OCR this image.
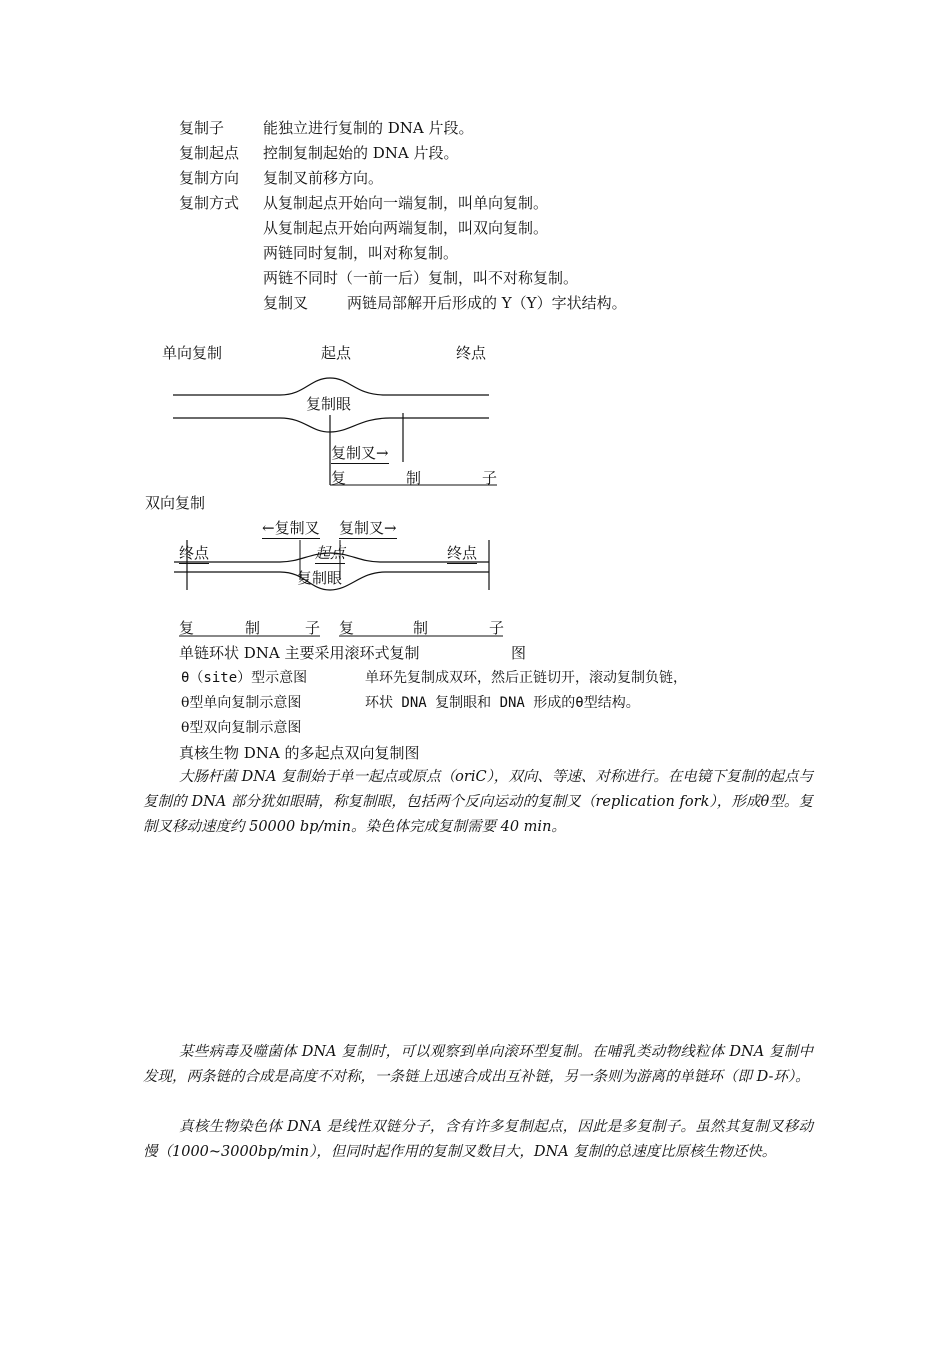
复制子	能独立进行复制的 DNA 片段。
复制起点 控制复制起始的 DNA 片段。
复制方向 复制叉前移方向。
复制方式 从复制起点开始向一端复制，叫单向复制。
从复制起点开始向两端复制，叫双向复制。
两链同时复制，叫对称复制。
两链不同时（一前一后）复制，叫不对称复制。
复制叉	两链局部解开后形成的 Y（Y）字状结构。
单向复制	起点	终点
复制眼
复制叉→
复	制	子
双向复制
←复制叉 复制叉→
终点	起点	终点
复制眼
复	制	子 复	制	子
单链环状 DNA 主要采用滚环式复制	图
θ（site）型示意图	单环先复制成双环，然后正链切开，滚动复制负链，
θ型单向复制示意图	环状 DNA 复制眼和 DNA 形成的θ型结构。
θ型双向复制示意图
真核生物 DNA 的多起点双向复制图

大肠杆菌 DNA 复制始于单一起点或原点（oriC），双向、等速、对称进行。在电镜下复制的起点与复制的 DNA 部分犹如眼睛，称复制眼，包括两个反向运动的复制叉（replication fork），形成θ型。复制叉移动速度约 50000 bp/min。染色体完成复制需要 40 min。

某些病毒及噬菌体 DNA 复制时，可以观察到单向滚环型复制。在哺乳类动物线粒体 DNA 复制中发现，两条链的合成是高度不对称，一条链上迅速合成出互补链，另一条则为游离的单链环（即 D-环）。

真核生物染色体 DNA 是线性双链分子，含有许多复制起点，因此是多复制子。虽然其复制叉移动慢（1000~3000bp/min），但同时起作用的复制叉数目大，DNA 复制的总速度比原核生物还快。
